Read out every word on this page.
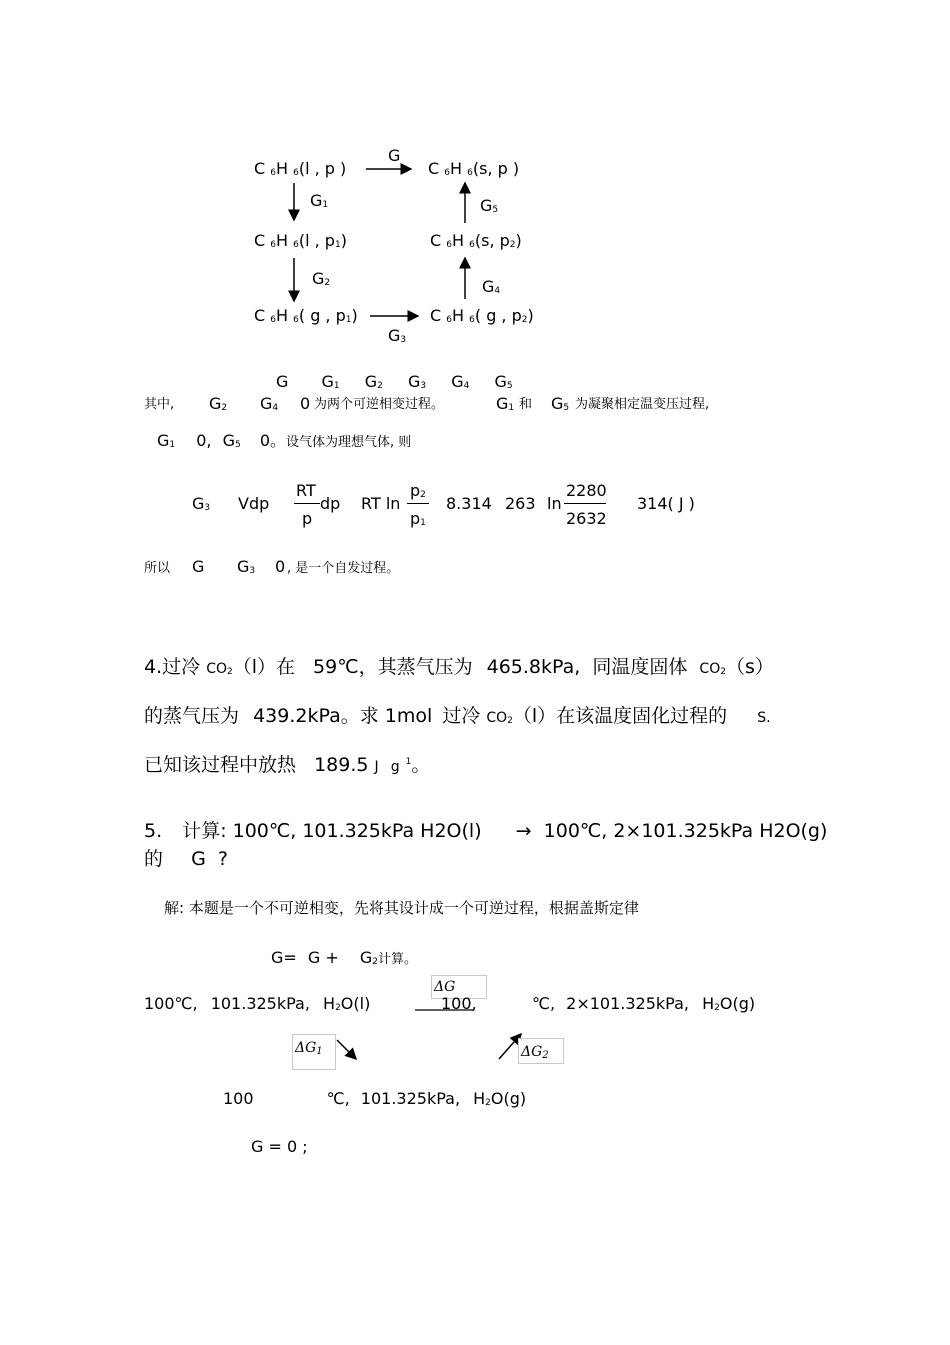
G
C 6H 6(l , p )	C 6H 6(s, p )
G1	G5
C 6H 6(l , p1)	C 6H 6(s, p2)
G2	G4
C 6H 6( g , p1)	C 6H 6( g , p2)
G3
G G1 G2 G3 G4 G5
其中, G2 G4 0 为两个可逆相变过程。	G1 和 G5 为凝聚相定温变压过程,
G1 0, G5 0。设气体为理想气体, 则
G3 Vdp
RT
dp
p
RT ln
p2
p1
8.314 263 ln
2280
2632
314( J )
所以 G G3 0 , 是一个自发过程。
4.过冷 CO2（l）在 59℃，其蒸气压为 465.8kPa, 同温度固体 CO2（s）
的蒸气压为 439.2kPa。求 1mol 过冷 CO2（l）在该温度固化过程的 S.
已知该过程中放热 189.5 J g $^1$。
5. 计算: 100℃, 101.325kPa H2O(l) → 100℃, 2×101.325kPa H2O(g)
的 G ?
解: 本题是一个不可逆相变，先将其设计成一个可逆过程，根据盖斯定律
G= G + G2计算。
100℃, 101.325kPa, H2O(l)
ΔG
100,	℃, 2×101.325kPa, H2O(g)
ΔG1	ΔG2
100	℃, 101.325kPa, H2O(g)
G = 0 ;
